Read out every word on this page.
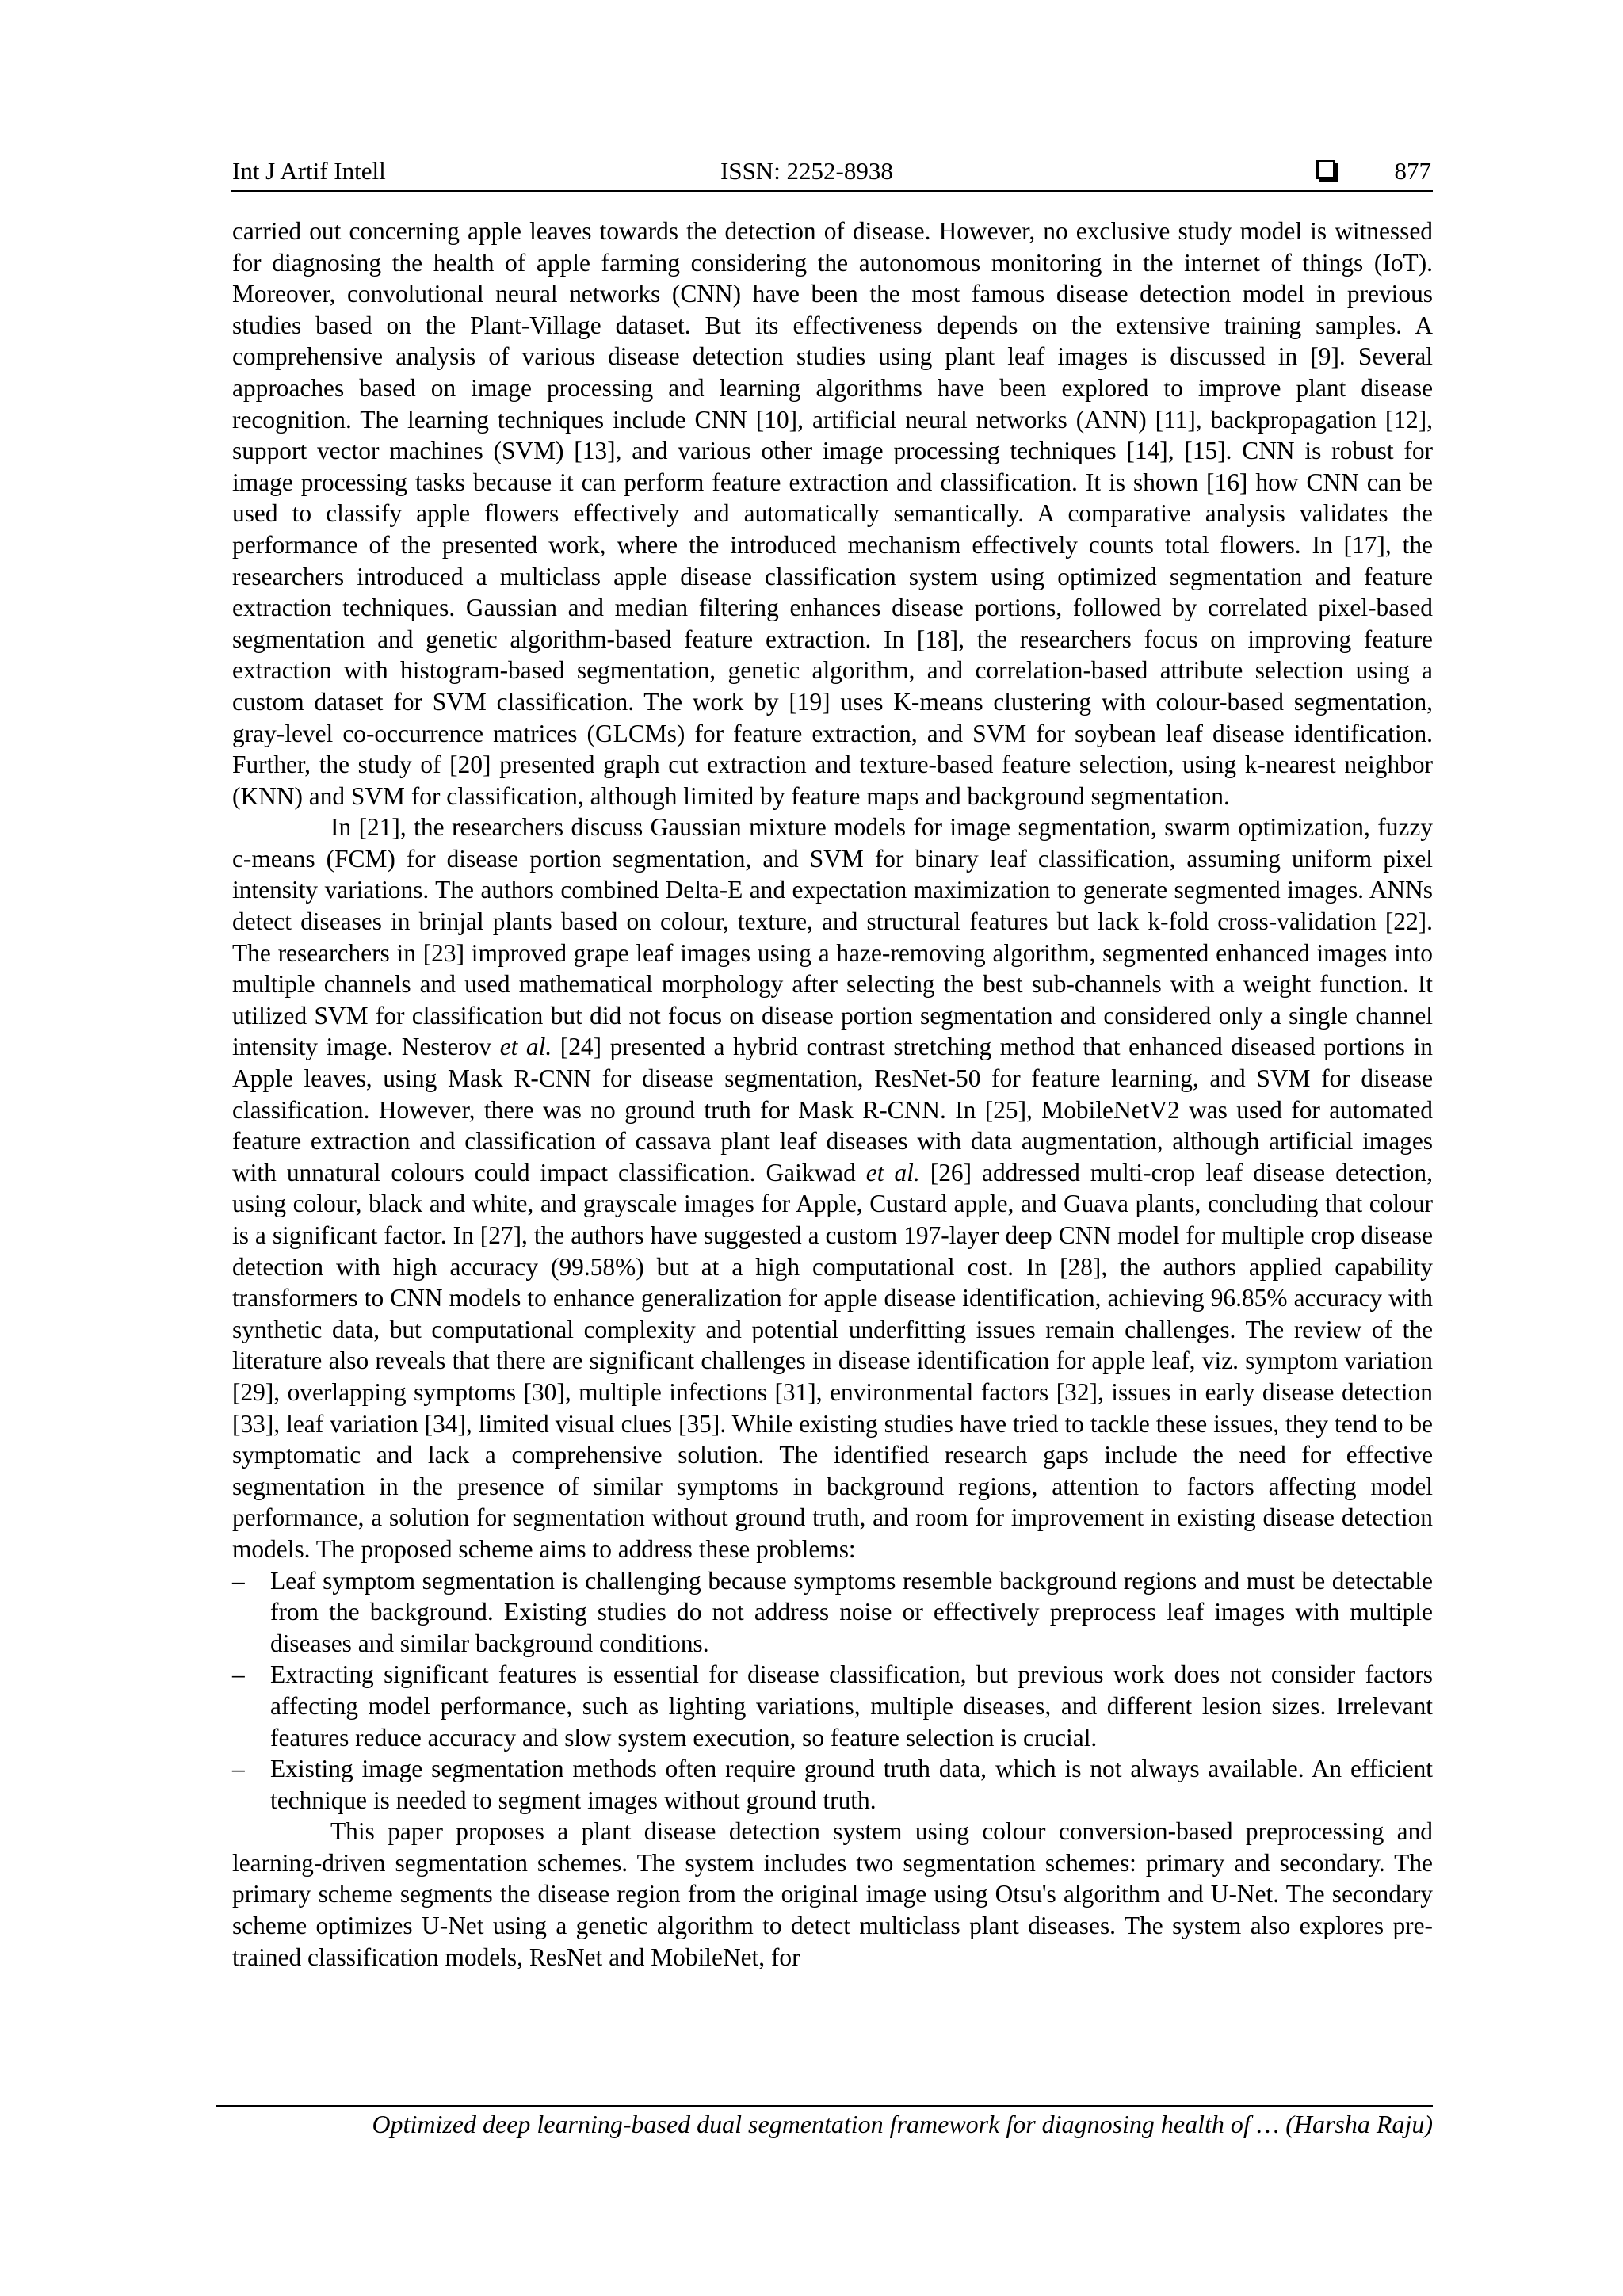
Int J Artif Intell	ISSN: 2252-8938	877

carried out concerning apple leaves towards the detection of disease. However, no exclusive study model is witnessed for diagnosing the health of apple farming considering the autonomous monitoring in the internet of things (IoT). Moreover, convolutional neural networks (CNN) have been the most famous disease detection model in previous studies based on the Plant-Village dataset. But its effectiveness depends on the extensive training samples. A comprehensive analysis of various disease detection studies using plant leaf images is discussed in [9]. Several approaches based on image processing and learning algorithms have been explored to improve plant disease recognition. The learning techniques include CNN [10], artificial neural networks (ANN) [11], backpropagation [12], support vector machines (SVM) [13], and various other image processing techniques [14], [15]. CNN is robust for image processing tasks because it can perform feature extraction and classification. It is shown [16] how CNN can be used to classify apple flowers effectively and automatically semantically. A comparative analysis validates the performance of the presented work, where the introduced mechanism effectively counts total flowers. In [17], the researchers introduced a multiclass apple disease classification system using optimized segmentation and feature extraction techniques. Gaussian and median filtering enhances disease portions, followed by correlated pixel-based segmentation and genetic algorithm-based feature extraction. In [18], the researchers focus on improving feature extraction with histogram-based segmentation, genetic algorithm, and correlation-based attribute selection using a custom dataset for SVM classification. The work by [19] uses K-means clustering with colour-based segmentation, gray-level co-occurrence matrices (GLCMs) for feature extraction, and SVM for soybean leaf disease identification. Further, the study of [20] presented graph cut extraction and texture-based feature selection, using k-nearest neighbor (KNN) and SVM for classification, although limited by feature maps and background segmentation.

In [21], the researchers discuss Gaussian mixture models for image segmentation, swarm optimization, fuzzy c-means (FCM) for disease portion segmentation, and SVM for binary leaf classification, assuming uniform pixel intensity variations. The authors combined Delta-E and expectation maximization to generate segmented images. ANNs detect diseases in brinjal plants based on colour, texture, and structural features but lack k-fold cross-validation [22]. The researchers in [23] improved grape leaf images using a haze-removing algorithm, segmented enhanced images into multiple channels and used mathematical morphology after selecting the best sub-channels with a weight function. It utilized SVM for classification but did not focus on disease portion segmentation and considered only a single channel intensity image. Nesterov et al. [24] presented a hybrid contrast stretching method that enhanced diseased portions in Apple leaves, using Mask R-CNN for disease segmentation, ResNet-50 for feature learning, and SVM for disease classification. However, there was no ground truth for Mask R-CNN. In [25], MobileNetV2 was used for automated feature extraction and classification of cassava plant leaf diseases with data augmentation, although artificial images with unnatural colours could impact classification. Gaikwad et al. [26] addressed multi-crop leaf disease detection, using colour, black and white, and grayscale images for Apple, Custard apple, and Guava plants, concluding that colour is a significant factor. In [27], the authors have suggested a custom 197-layer deep CNN model for multiple crop disease detection with high accuracy (99.58%) but at a high computational cost. In [28], the authors applied capability transformers to CNN models to enhance generalization for apple disease identification, achieving 96.85% accuracy with synthetic data, but computational complexity and potential underfitting issues remain challenges. The review of the literature also reveals that there are significant challenges in disease identification for apple leaf, viz. symptom variation [29], overlapping symptoms [30], multiple infections [31], environmental factors [32], issues in early disease detection [33], leaf variation [34], limited visual clues [35]. While existing studies have tried to tackle these issues, they tend to be symptomatic and lack a comprehensive solution. The identified research gaps include the need for effective segmentation in the presence of similar symptoms in background regions, attention to factors affecting model performance, a solution for segmentation without ground truth, and room for improvement in existing disease detection models. The proposed scheme aims to address these problems:

– Leaf symptom segmentation is challenging because symptoms resemble background regions and must be detectable from the background. Existing studies do not address noise or effectively preprocess leaf images with multiple diseases and similar background conditions.
– Extracting significant features is essential for disease classification, but previous work does not consider factors affecting model performance, such as lighting variations, multiple diseases, and different lesion sizes. Irrelevant features reduce accuracy and slow system execution, so feature selection is crucial.
– Existing image segmentation methods often require ground truth data, which is not always available. An efficient technique is needed to segment images without ground truth.

This paper proposes a plant disease detection system using colour conversion-based preprocessing and learning-driven segmentation schemes. The system includes two segmentation schemes: primary and secondary. The primary scheme segments the disease region from the original image using Otsu's algorithm and U-Net. The secondary scheme optimizes U-Net using a genetic algorithm to detect multiclass plant diseases. The system also explores pre-trained classification models, ResNet and MobileNet, for

Optimized deep learning-based dual segmentation framework for diagnosing health of … (Harsha Raju)
